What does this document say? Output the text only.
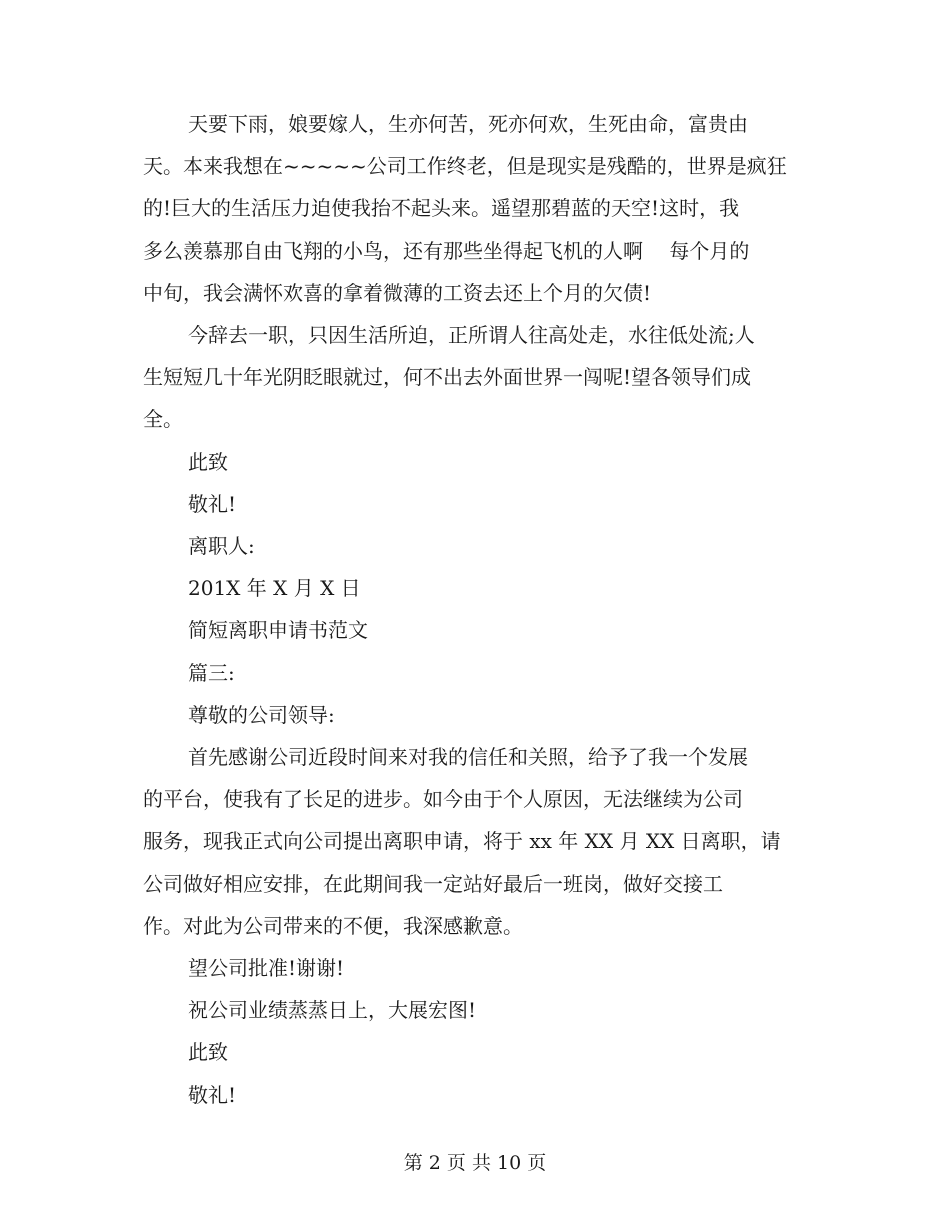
天要下雨，娘要嫁人，生亦何苦，死亦何欢，生死由命，富贵由

天。本来我想在~~~~~公司工作终老，但是现实是残酷的，世界是疯狂

的!巨大的生活压力迫使我抬不起头来。遥望那碧蓝的天空!这时，我

多么羡慕那自由飞翔的小鸟，还有那些坐得起飞机的人啊　 每个月的

中旬，我会满怀欢喜的拿着微薄的工资去还上个月的欠债!

今辞去一职，只因生活所迫，正所谓人往高处走，水往低处流;人

生短短几十年光阴眨眼就过，何不出去外面世界一闯呢!望各领导们成

全。

此致

敬礼!

离职人:

201X 年 X 月 X 日

简短离职申请书范文

篇三:

尊敬的公司领导:

首先感谢公司近段时间来对我的信任和关照，给予了我一个发展

的平台，使我有了长足的进步。如今由于个人原因，无法继续为公司

服务，现我正式向公司提出离职申请，将于 xx 年 XX 月 XX 日离职，请

公司做好相应安排，在此期间我一定站好最后一班岗，做好交接工

作。对此为公司带来的不便，我深感歉意。

望公司批准!谢谢!

祝公司业绩蒸蒸日上，大展宏图!

此致

敬礼!

第 2 页 共 10 页
